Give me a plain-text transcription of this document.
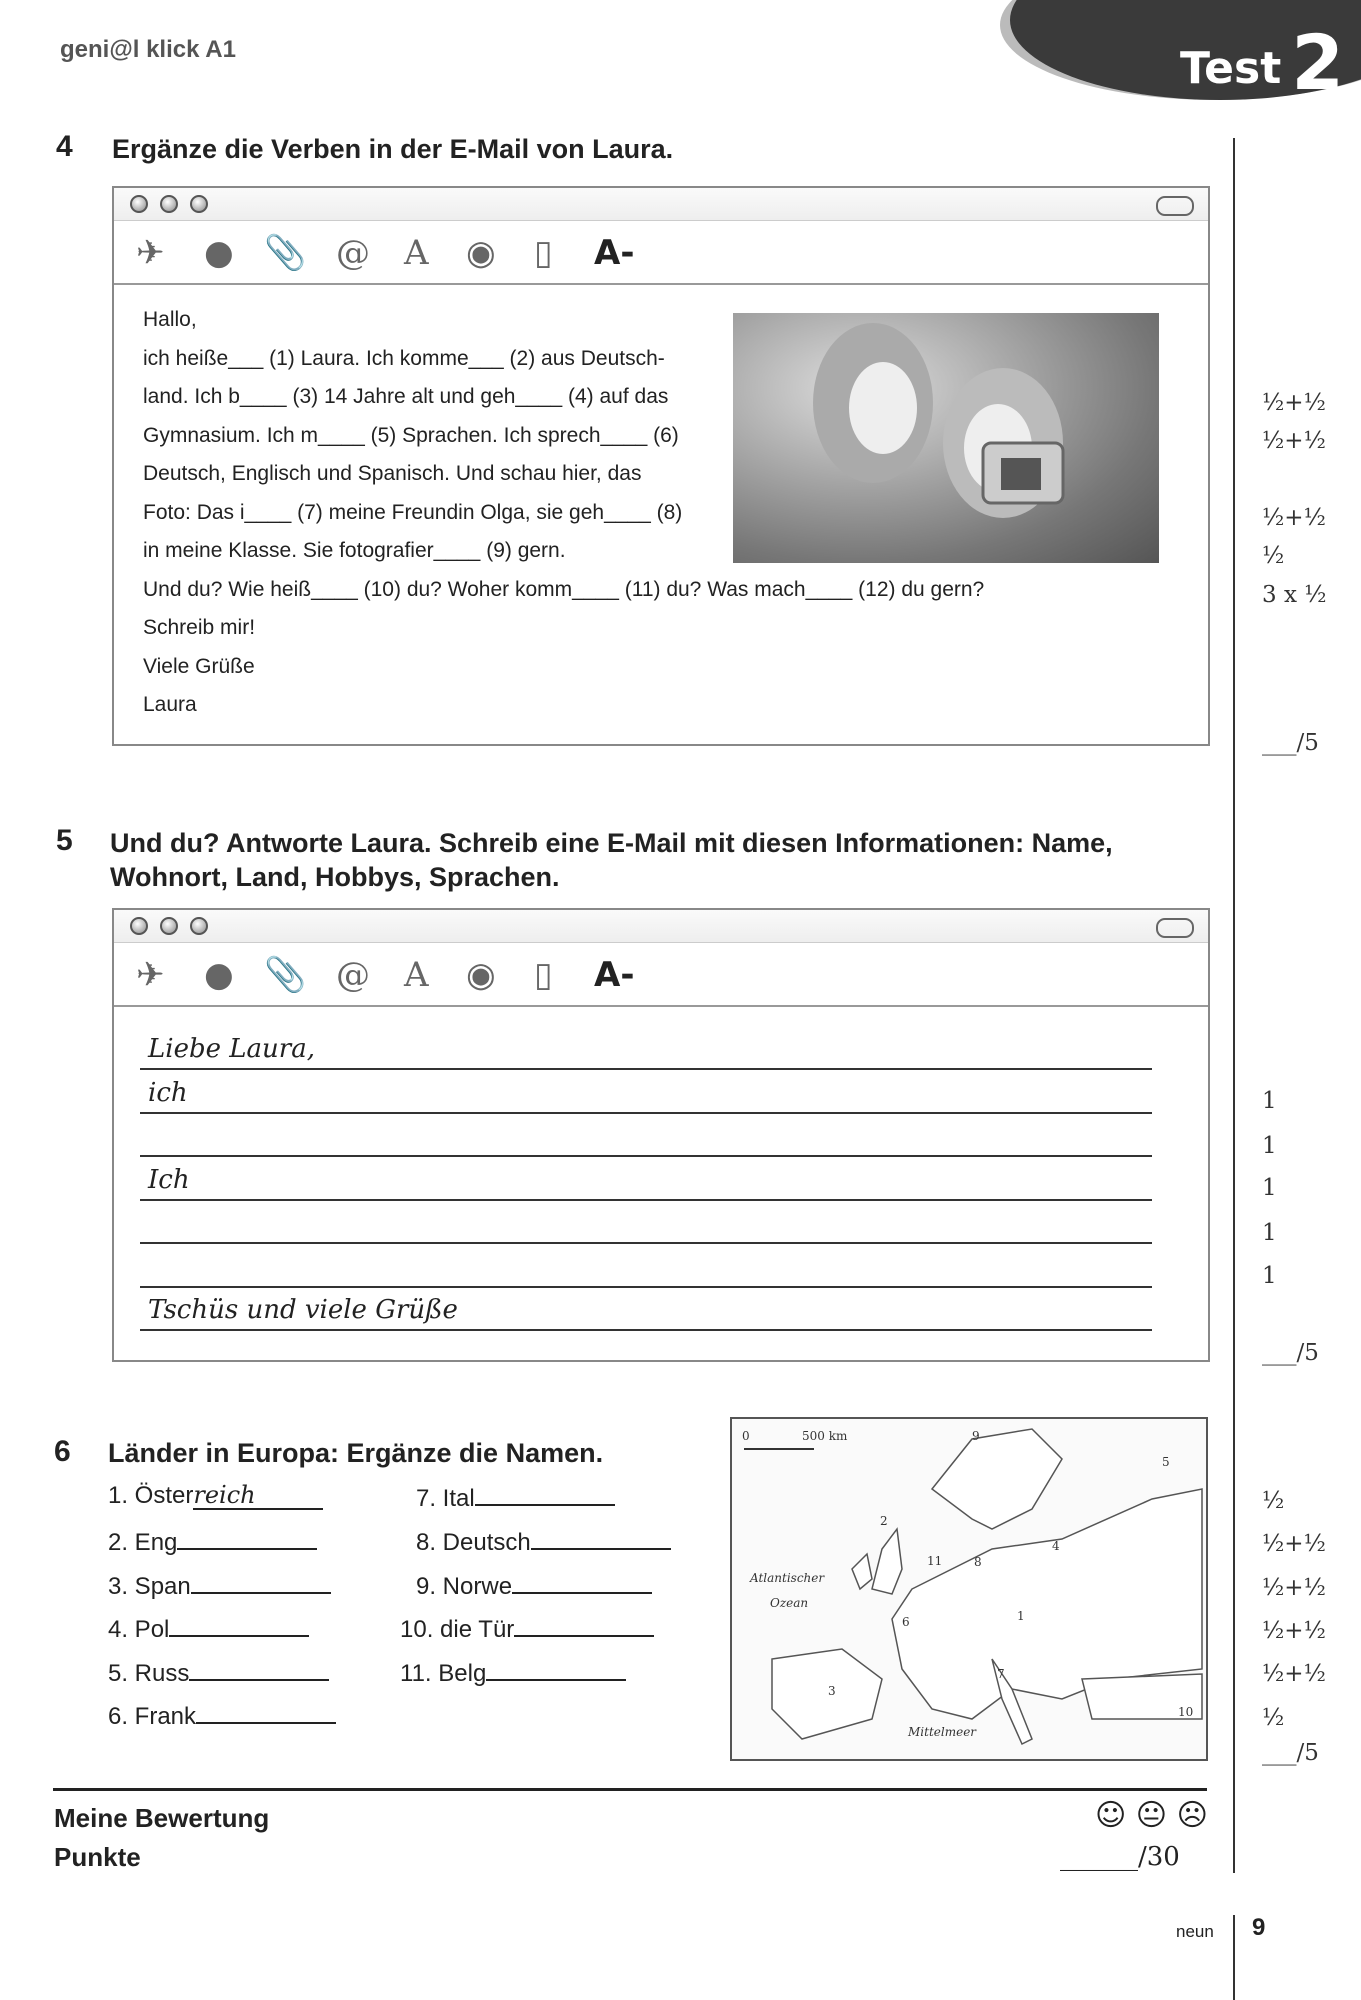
geni@l klick A1	Test 2
4 Ergänze die Verben in der E-Mail von Laura.
✈ ● 📎 @ A ◉ ▯ A-
Hallo,
ich heiße___ (1) Laura. Ich komme___ (2) aus Deutsch-
land. Ich b____ (3) 14 Jahre alt und geh____ (4) auf das
Gymnasium. Ich m____ (5) Sprachen. Ich sprech____ (6)
Deutsch, Englisch und Spanisch. Und schau hier, das
Foto: Das i____ (7) meine Freundin Olga, sie geh____ (8)
in meine Klasse. Sie fotografier____ (9) gern.
Und du? Wie heiß____ (10) du? Woher komm____ (11) du? Was mach____ (12) du gern?
Schreib mir!
Viele Grüße
Laura
½+½
½+½
½+½
½
3 x ½
___/5
5 Und du? Antworte Laura. Schreib eine E-Mail mit diesen Informationen: Name,
Wohnort, Land, Hobbys, Sprachen.
✈ ● 📎 @ A ◉ ▯ A-
Liebe Laura,
ich
Ich
Tschüs und viele Grüße
1
1
1
1
1
___/5
6 Länder in Europa: Ergänze die Namen.
1. Österreich
2. Eng
3. Span
4. Pol
5. Russ
6. Frank
7. Ital
8. Deutsch
9. Norwe
10. die Tür
11. Belg
0	500 km
Atlantischer
Ozean
Mittelmeer
1
2
3
4
5
6
7
8
9
10
11
½
½+½
½+½
½+½
½+½
½
___/5
Meine Bewertung
Punkte
☺ 😐 ☹
______/30
neun 9
